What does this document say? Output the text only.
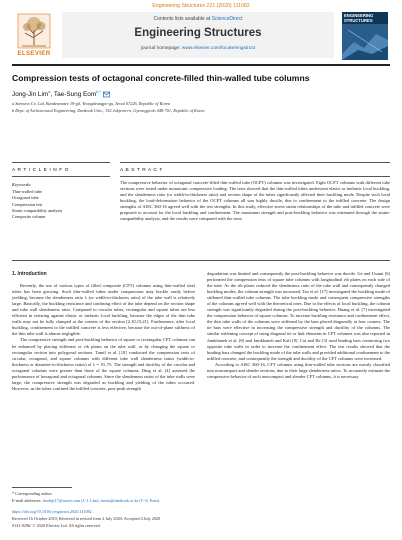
Engineering Structures 221 (2020) 111082
ELSEVIER
Contents lists available at ScienceDirect
Engineering Structures
journal homepage: www.elsevier.com/locate/engstruct
ENGINEERING STRUCTURES
Compression tests of octagonal concrete-filled thin-walled tube columns
Jong-Jin Lim$^a$, Tae-Sung Eom$^{b,*}$
a Samwoo Co. Ltd, Bundesmatee 19-gil, Yeongdeungpo-gu, Seoul 07226, Republic of Korea
b Dept. of Architectural Engineering, Dankook Univ., 152 Jukjeon-ro, Gyeonggi-do 448-701, Republic of Korea
A R T I C L E I N F O	A B S T R A C T
Keywords:
Thin-walled tube
Octagonal tube
Compression test
Strain compatibility analysis
Composite column
The compressive behavior of octagonal concrete-filled thin-walled tube (OCFT) columns was investigated. Eight OCFT columns with different tube sections were tested under monotonic compressive loading. The tests showed that the thin-walled tubes underwent elastic or inelastic local buckling, and the slenderness ratio (or width-to-thickness ratio) and section shape of the tubes significantly affected their buckling mode. Despite such local buckling, the load-deformation behavior of the OCFT columns all was highly ductile, due to confinement to the infilled concrete. The design strengths of AISC 360-16 agreed well with the test strengths. In this study, effective stress-strain relationships of the tube and infilled concrete were proposed to account for the local buckling and confinement. The maximum strength and post-buckling behavior was estimated through the strain-compatibility analysis, and the results were compared with the tests.
1. Introduction
Recently, the use of various types of filled composite (CFT) columns using thin-walled steel tubes has been growing. Such thin-walled tubes under compression may buckle easily before yielding, because the slenderness ratio λ (or width-to-thickness ratio) of the tube wall is relatively large. Basically, the buckling resistance and confining effect of the tube depend on the section shape and tube wall slenderness ratio. Compared to circular tubes, rectangular and square tubes are less efficient in resisting against elastic or inelastic local buckling, because the edges of the thin tube walls may not be fully clamped at the corners of the section [2,10,15,21]. Furthermore, after local buckling, confinement to the infilled concrete is less effective, because the out-of-plane stiffness of the thin tube wall is almost negligible.
The compressive strength and post-buckling behavior of square or rectangular CFT columns can be enhanced by placing stiffeners or rib plates on the tube wall, or by changing the square or rectangular section into polygonal sections. Tamil et al. [18] conducted the compression tests of circular, octagonal, and square columns with different tube wall slenderness ratios (width-to-thickness or diameter-to-thickness ratios) of λ = 19–75. The strength and ductility of the circular and octagonal columns were greater than those of the square columns. Ding et al. [4] assessed the performance of hexagonal and octagonal columns. Since the slenderness ratios of the tube walls were large, the compressive strength was degraded as buckling and yielding of the tubes occurred. However, as the tubes confined the infilled concrete, post-peak strength
degradation was limited and consequently the post-buckling behavior was ductile. Ge and Usami [6] performed the compression tests of square tube columns with longitudinal rib plates on each side of the tube. As the rib plates reduced the slenderness ratio of the tube wall and consequently changed buckling modes, the column strength was increased. Tao et al. [17] investigated the buckling mode of stiffened thin-walled tube columns. The tube buckling mode and consequent compressive strengths of the columns agreed well with the theoretical ones. Due to the effects of local buckling, the column strength was significantly degraded during the post-buckling behavior. Huang et al. [7] investigated the compression behavior of square columns. To increase buckling resistance and confinement effect, the thin tube walls of the columns were stiffened by the bars placed diagonally at four corners. The tie bars were effective in increasing the compressive strength and ductility of the columns. The similar stiffening concept of using diagonal tie or link elements in CFT columns was also reported in Jamkhaneh et al. [8] and Jamkhaneh and Kafi [9]. Cai and He [3] used binding bars connecting two opposite tube walls in order to increase the confinement effect. The test results showed that the binding bars changed the buckling mode of the tube walls and provided additional confinement to the infilled concrete, and consequently the strength and ductility of the CFT columns were increased.
According to AISC 360-16, CFT columns using thin-walled tube sections are mostly classified into noncompact and slender sections, due to their large slenderness ratios. To accurately estimate the compressive behavior of such noncompact and slender CFT columns, it is necessary
* Corresponding author.
E-mail addresses: doobiji17@naver.com (J.-J. Lim), tseom@dankook.ac.kr (T.-S. Eom).
https://doi.org/10.1016/j.engstruct.2020.111082
Received 16 October 2019; Received in revised form 2 July 2020; Accepted 4 July 2020
0141-0296/ © 2020 Elsevier Ltd. All rights reserved.
